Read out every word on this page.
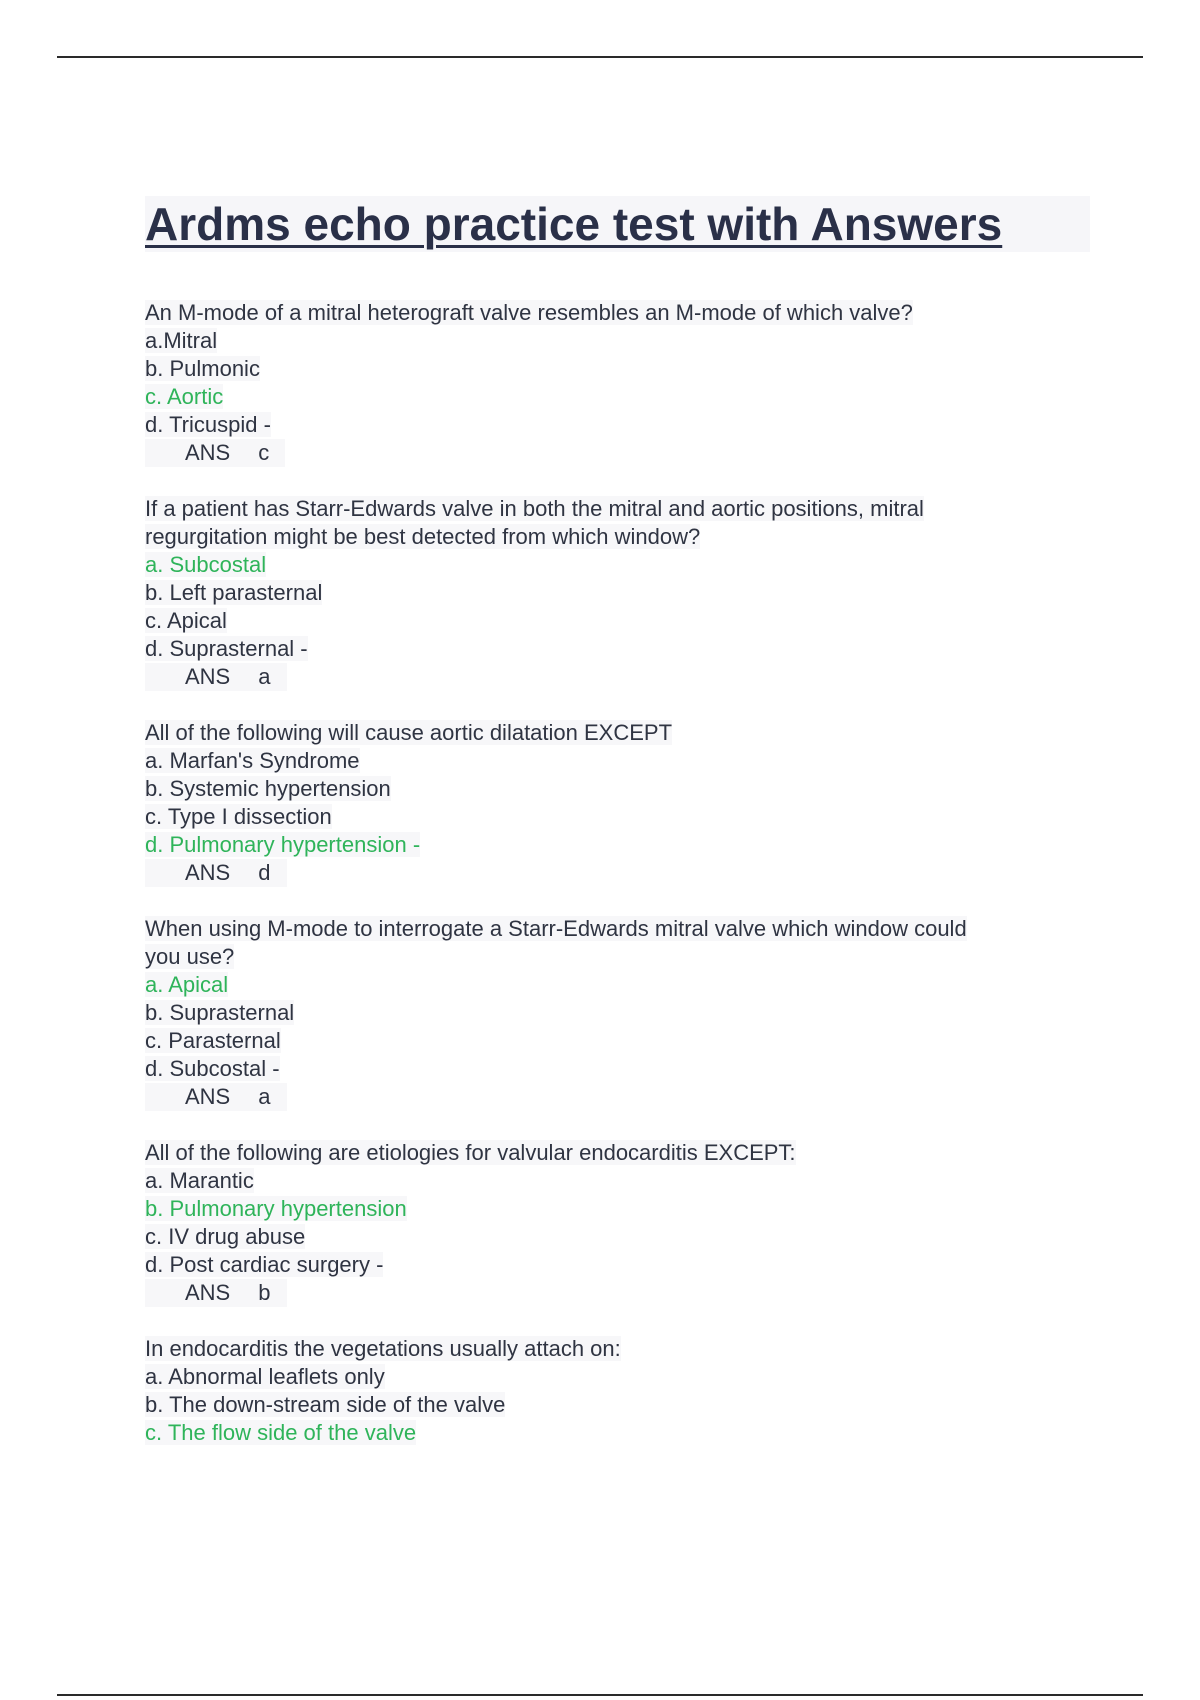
Ardms echo practice test with Answers
An M-mode of a mitral heterograft valve resembles an M-mode of which valve?
a.Mitral
b. Pulmonic
c. Aortic
d. Tricuspid -
ANS c
If a patient has Starr-Edwards valve in both the mitral and aortic positions, mitral
regurgitation might be best detected from which window?
a. Subcostal
b. Left parasternal
c. Apical
d. Suprasternal -
ANS a
All of the following will cause aortic dilatation EXCEPT
a. Marfan's Syndrome
b. Systemic hypertension
c. Type I dissection
d. Pulmonary hypertension -
ANS d
When using M-mode to interrogate a Starr-Edwards mitral valve which window could
you use?
a. Apical
b. Suprasternal
c. Parasternal
d. Subcostal -
ANS a
All of the following are etiologies for valvular endocarditis EXCEPT:
a. Marantic
b. Pulmonary hypertension
c. IV drug abuse
d. Post cardiac surgery -
ANS b
In endocarditis the vegetations usually attach on:
a. Abnormal leaflets only
b. The down-stream side of the valve
c. The flow side of the valve
